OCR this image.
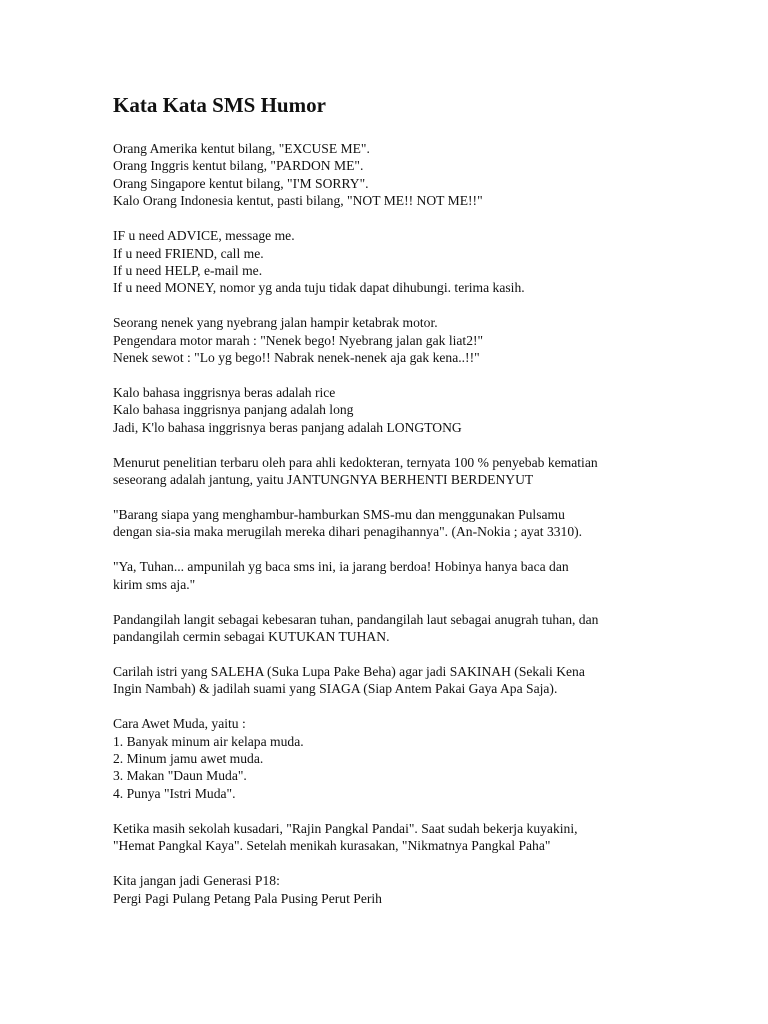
Kata Kata SMS Humor
Orang Amerika kentut bilang, "EXCUSE ME".
Orang Inggris kentut bilang, "PARDON ME".
Orang Singapore kentut bilang, "I'M SORRY".
Kalo Orang Indonesia kentut, pasti bilang, "NOT ME!! NOT ME!!"
IF u need ADVICE, message me.
If u need FRIEND, call me.
If u need HELP, e-mail me.
If u need MONEY, nomor yg anda tuju tidak dapat dihubungi. terima kasih.
Seorang nenek yang nyebrang jalan hampir ketabrak motor.
Pengendara motor marah : "Nenek bego! Nyebrang jalan gak liat2!"
Nenek sewot : "Lo yg bego!! Nabrak nenek-nenek aja gak kena..!!"
Kalo bahasa inggrisnya beras adalah rice
Kalo bahasa inggrisnya panjang adalah long
Jadi, K'lo bahasa inggrisnya beras panjang adalah LONGTONG
Menurut penelitian terbaru oleh para ahli kedokteran, ternyata 100 % penyebab kematian
seseorang adalah jantung, yaitu JANTUNGNYA BERHENTI BERDENYUT
"Barang siapa yang menghambur-hamburkan SMS-mu dan menggunakan Pulsamu
dengan sia-sia maka merugilah mereka dihari penagihannya". (An-Nokia ; ayat 3310).
"Ya, Tuhan... ampunilah yg baca sms ini, ia jarang berdoa! Hobinya hanya baca dan
kirim sms aja."
Pandangilah langit sebagai kebesaran tuhan, pandangilah laut sebagai anugrah tuhan, dan
pandangilah cermin sebagai KUTUKAN TUHAN.
Carilah istri yang SALEHA (Suka Lupa Pake Beha) agar jadi SAKINAH (Sekali Kena
Ingin Nambah) & jadilah suami yang SIAGA (Siap Antem Pakai Gaya Apa Saja).
Cara Awet Muda, yaitu :
1. Banyak minum air kelapa muda.
2. Minum jamu awet muda.
3. Makan "Daun Muda".
4. Punya "Istri Muda".
Ketika masih sekolah kusadari, "Rajin Pangkal Pandai". Saat sudah bekerja kuyakini,
"Hemat Pangkal Kaya". Setelah menikah kurasakan, "Nikmatnya Pangkal Paha"
Kita jangan jadi Generasi P18:
Pergi Pagi Pulang Petang Pala Pusing Perut Perih
